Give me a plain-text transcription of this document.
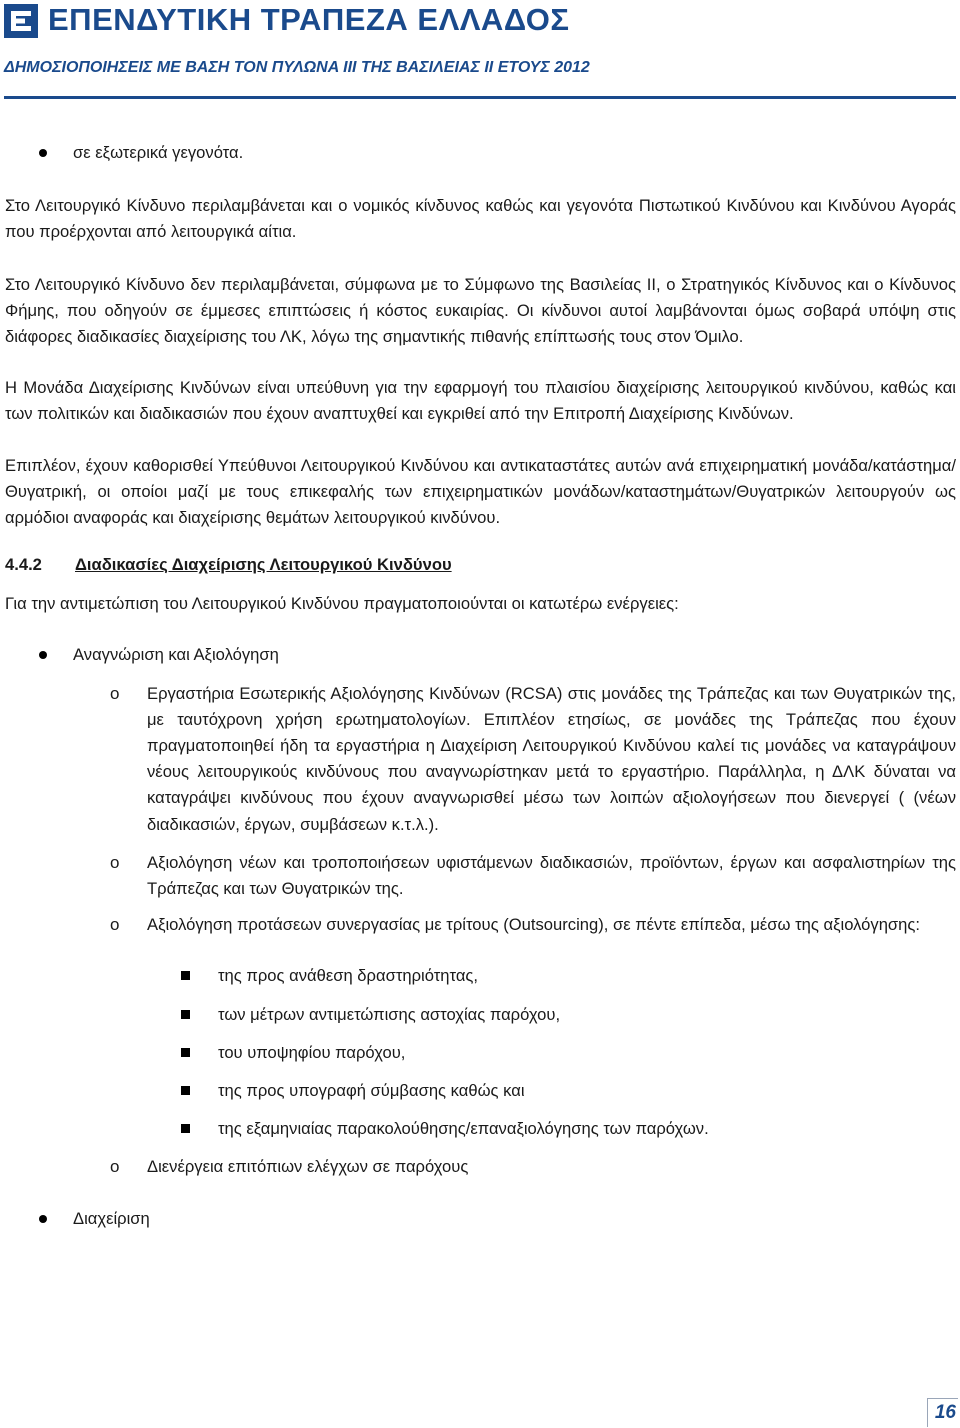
ΕΠΕΝΔΥΤΙΚΗ ΤΡΑΠΕΖΑ ΕΛΛΑΔΟΣ
ΔΗΜΟΣΙΟΠΟΙΗΣΕΙΣ ΜΕ ΒΑΣΗ ΤΟΝ ΠΥΛΩΝΑ ΙΙΙ ΤΗΣ ΒΑΣΙΛΕΙΑΣ ΙΙ ΕΤΟΥΣ 2012

σε εξωτερικά γεγονότα.

Στο Λειτουργικό Κίνδυνο περιλαμβάνεται και ο νομικός κίνδυνος καθώς και γεγονότα Πιστωτικού Κινδύνου και Κινδύνου Αγοράς που προέρχονται από λειτουργικά αίτια.

Στο Λειτουργικό Κίνδυνο δεν περιλαμβάνεται, σύμφωνα με το Σύμφωνο της Βασιλείας ΙΙ, ο Στρατηγικός Κίνδυνος και ο Κίνδυνος Φήμης, που οδηγούν σε έμμεσες επιπτώσεις ή κόστος ευκαιρίας. Οι κίνδυνοι αυτοί λαμβάνονται όμως σοβαρά υπόψη στις διάφορες διαδικασίες διαχείρισης του ΛΚ, λόγω της σημαντικής πιθανής επίπτωσής τους στον Όμιλο.

Η Μονάδα Διαχείρισης Κινδύνων είναι υπεύθυνη για την εφαρμογή του πλαισίου διαχείρισης λειτουργικού κινδύνου, καθώς και των πολιτικών και διαδικασιών που έχουν αναπτυχθεί και εγκριθεί από την Επιτροπή Διαχείρισης Κινδύνων.

Επιπλέον, έχουν καθορισθεί Υπεύθυνοι Λειτουργικού Κινδύνου και αντικαταστάτες αυτών ανά επιχειρηματική μονάδα/κατάστημα/Θυγατρική, οι οποίοι μαζί με τους επικεφαλής των επιχειρηματικών μονάδων/καταστημάτων/Θυγατρικών λειτουργούν ως αρμόδιοι αναφοράς και διαχείρισης θεμάτων λειτουργικού κινδύνου.

4.4.2 Διαδικασίες Διαχείρισης Λειτουργικού Κινδύνου

Για την αντιμετώπιση του Λειτουργικού Κινδύνου πραγματοποιούνται οι κατωτέρω ενέργειες:

Αναγνώριση και Αξιολόγηση

o Εργαστήρια Εσωτερικής Αξιολόγησης Κινδύνων (RCSA) στις μονάδες της Τράπεζας και των Θυγατρικών της, με ταυτόχρονη χρήση ερωτηματολογίων. Επιπλέον ετησίως, σε μονάδες της Τράπεζας που έχουν πραγματοποιηθεί ήδη τα εργαστήρια η Διαχείριση Λειτουργικού Κινδύνου καλεί τις μονάδες να καταγράψουν νέους λειτουργικούς κινδύνους που αναγνωρίστηκαν μετά το εργαστήριο. Παράλληλα, η ΔΛΚ δύναται να καταγράψει κινδύνους που έχουν αναγνωρισθεί μέσω των λοιπών αξιολογήσεων που διενεργεί ( (νέων διαδικασιών, έργων, συμβάσεων κ.τ.λ.).

o Αξιολόγηση νέων και τροποποιήσεων υφιστάμενων διαδικασιών, προϊόντων, έργων και ασφαλιστηρίων της Τράπεζας και των Θυγατρικών της.

o Αξιολόγηση προτάσεων συνεργασίας με τρίτους (Outsourcing), σε πέντε επίπεδα, μέσω της αξιολόγησης:

της προς ανάθεση δραστηριότητας,

των μέτρων αντιμετώπισης αστοχίας παρόχου,

του υποψηφίου παρόχου,

της προς υπογραφή σύμβασης καθώς και

της εξαμηνιαίας παρακολούθησης/επαναξιολόγησης των παρόχων.

o Διενέργεια επιτόπιων ελέγχων σε παρόχους

Διαχείριση

16
